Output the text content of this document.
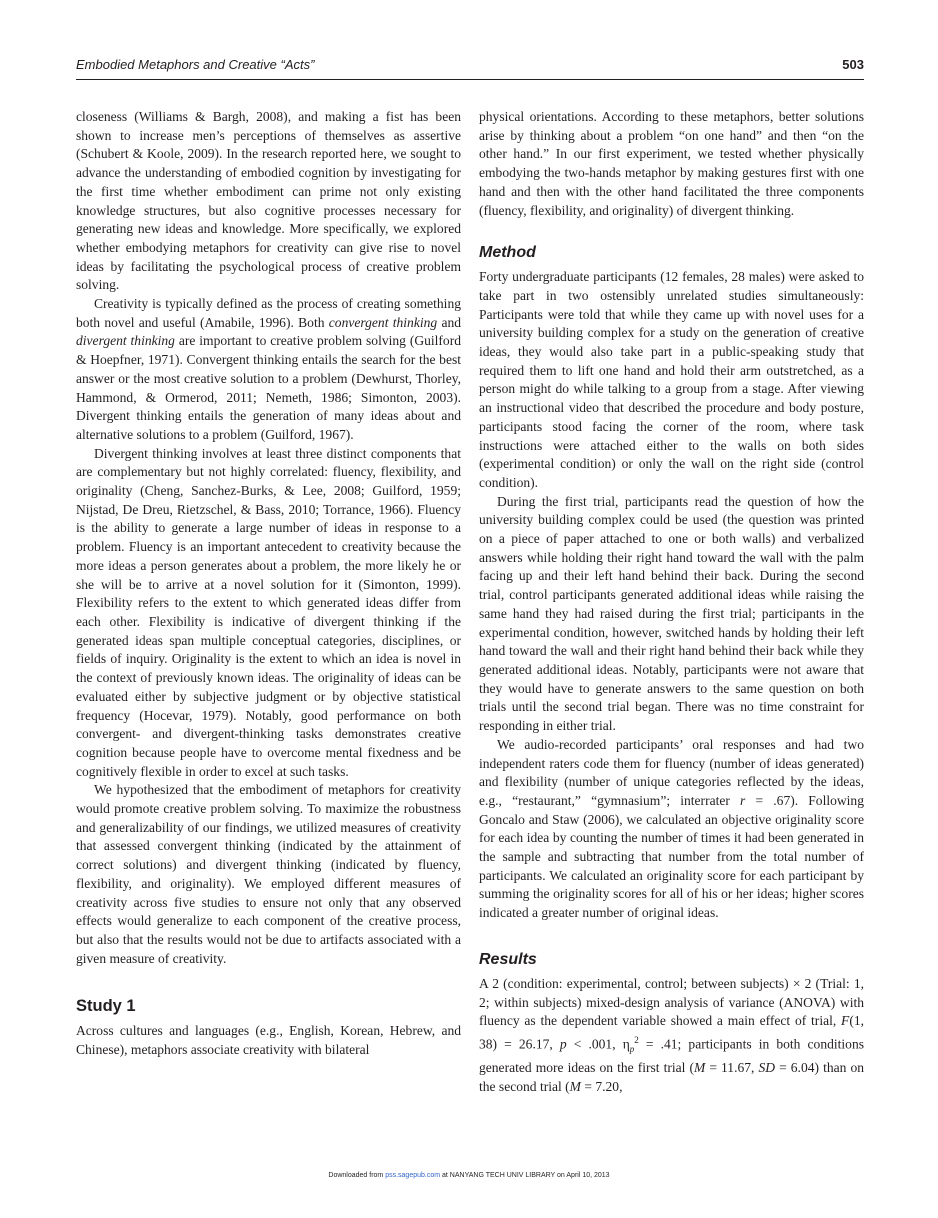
Embodied Metaphors and Creative “Acts”	503

closeness (Williams & Bargh, 2008), and making a fist has been shown to increase men’s perceptions of themselves as assertive (Schubert & Koole, 2009). In the research reported here, we sought to advance the understanding of embodied cognition by investigating for the first time whether embodiment can prime not only existing knowledge structures, but also cognitive processes necessary for generating new ideas and knowledge. More specifically, we explored whether embodying metaphors for creativity can give rise to novel ideas by facilitating the psychological process of creative problem solving.

Creativity is typically defined as the process of creating something both novel and useful (Amabile, 1996). Both convergent thinking and divergent thinking are important to creative problem solving (Guilford & Hoepfner, 1971). Convergent thinking entails the search for the best answer or the most creative solution to a problem (Dewhurst, Thorley, Hammond, & Ormerod, 2011; Nemeth, 1986; Simonton, 2003). Divergent thinking entails the generation of many ideas about and alternative solutions to a problem (Guilford, 1967).

Divergent thinking involves at least three distinct components that are complementary but not highly correlated: fluency, flexibility, and originality (Cheng, Sanchez-Burks, & Lee, 2008; Guilford, 1959; Nijstad, De Dreu, Rietzschel, & Bass, 2010; Torrance, 1966). Fluency is the ability to generate a large number of ideas in response to a problem. Fluency is an important antecedent to creativity because the more ideas a person generates about a problem, the more likely he or she will be to arrive at a novel solution for it (Simonton, 1999). Flexibility refers to the extent to which generated ideas differ from each other. Flexibility is indicative of divergent thinking if the generated ideas span multiple conceptual categories, disciplines, or fields of inquiry. Originality is the extent to which an idea is novel in the context of previously known ideas. The originality of ideas can be evaluated either by subjective judgment or by objective statistical frequency (Hocevar, 1979). Notably, good performance on both convergent- and divergent-thinking tasks demonstrates creative cognition because people have to overcome mental fixedness and be cognitively flexible in order to excel at such tasks.

We hypothesized that the embodiment of metaphors for creativity would promote creative problem solving. To maximize the robustness and generalizability of our findings, we utilized measures of creativity that assessed convergent thinking (indicated by the attainment of correct solutions) and divergent thinking (indicated by fluency, flexibility, and originality). We employed different measures of creativity across five studies to ensure not only that any observed effects would generalize to each component of the creative process, but also that the results would not be due to artifacts associated with a given measure of creativity.

Study 1

Across cultures and languages (e.g., English, Korean, Hebrew, and Chinese), metaphors associate creativity with bilateral

physical orientations. According to these metaphors, better solutions arise by thinking about a problem “on one hand” and then “on the other hand.” In our first experiment, we tested whether physically embodying the two-hands metaphor by making gestures first with one hand and then with the other hand facilitated the three components (fluency, flexibility, and originality) of divergent thinking.

Method

Forty undergraduate participants (12 females, 28 males) were asked to take part in two ostensibly unrelated studies simultaneously: Participants were told that while they came up with novel uses for a university building complex for a study on the generation of creative ideas, they would also take part in a public-speaking study that required them to lift one hand and hold their arm outstretched, as a person might do while talking to a group from a stage. After viewing an instructional video that described the procedure and body posture, participants stood facing the corner of the room, where task instructions were attached either to the walls on both sides (experimental condition) or only the wall on the right side (control condition).

During the first trial, participants read the question of how the university building complex could be used (the question was printed on a piece of paper attached to one or both walls) and verbalized answers while holding their right hand toward the wall with the palm facing up and their left hand behind their back. During the second trial, control participants generated additional ideas while raising the same hand they had raised during the first trial; participants in the experimental condition, however, switched hands by holding their left hand toward the wall and their right hand behind their back while they generated additional ideas. Notably, participants were not aware that they would have to generate answers to the same question on both trials until the second trial began. There was no time constraint for responding in either trial.

We audio-recorded participants’ oral responses and had two independent raters code them for fluency (number of ideas generated) and flexibility (number of unique categories reflected by the ideas, e.g., “restaurant,” “gymnasium”; interrater r = .67). Following Goncalo and Staw (2006), we calculated an objective originality score for each idea by counting the number of times it had been generated in the sample and subtracting that number from the total number of participants. We calculated an originality score for each participant by summing the originality scores for all of his or her ideas; higher scores indicated a greater number of original ideas.

Results

A 2 (condition: experimental, control; between subjects) × 2 (Trial: 1, 2; within subjects) mixed-design analysis of variance (ANOVA) with fluency as the dependent variable showed a main effect of trial, F(1, 38) = 26.17, p < .001, $\eta_p^2 = .41$; participants in both conditions generated more ideas on the first trial (M = 11.67, SD = 6.04) than on the second trial (M = 7.20,

Downloaded from pss.sagepub.com at NANYANG TECH UNIV LIBRARY on April 10, 2013
